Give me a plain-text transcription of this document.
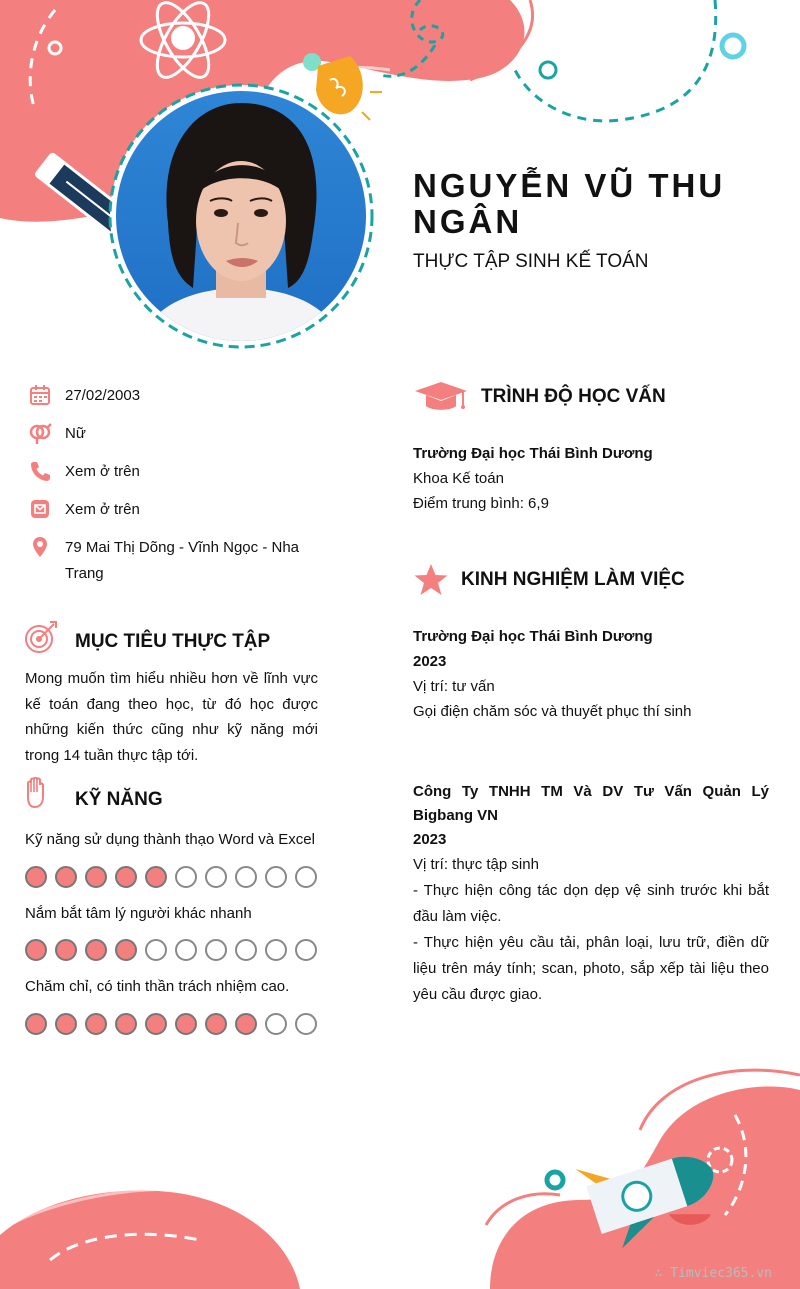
NGUYỄN VŨ THU NGÂN
THỰC TẬP SINH KẾ TOÁN
27/02/2003
Nữ
Xem ở trên
Xem ở trên
79 Mai Thị Dõng - Vĩnh Ngọc - Nha Trang
MỤC TIÊU THỰC TẬP
Mong muốn tìm hiểu nhiều hơn về lĩnh vực kế toán đang theo học, từ đó học được những kiến thức cũng như kỹ năng mới trong 14 tuần thực tập tới.
KỸ NĂNG
Kỹ năng sử dụng thành thạo Word và Excel
Nắm bắt tâm lý người khác nhanh
Chăm chỉ, có tinh thần trách nhiệm cao.
TRÌNH ĐỘ HỌC VẤN
Trường Đại học Thái Bình Dương
Khoa Kế toán
Điểm trung bình: 6,9
KINH NGHIỆM LÀM VIỆC
Trường Đại học Thái Bình Dương
2023
Vị trí: tư vấn
Gọi điện chăm sóc và thuyết phục thí sinh
Công Ty TNHH TM Và DV Tư Vấn Quản Lý Bigbang VN
2023
Vị trí: thực tập sinh
- Thực hiện công tác dọn dẹp vệ sinh trước khi bắt đầu làm việc.
- Thực hiện yêu cầu tải, phân loại, lưu trữ, điền dữ liệu trên máy tính; scan, photo, sắp xếp tài liệu theo yêu cầu được giao.
∴ Timviec365.vn
